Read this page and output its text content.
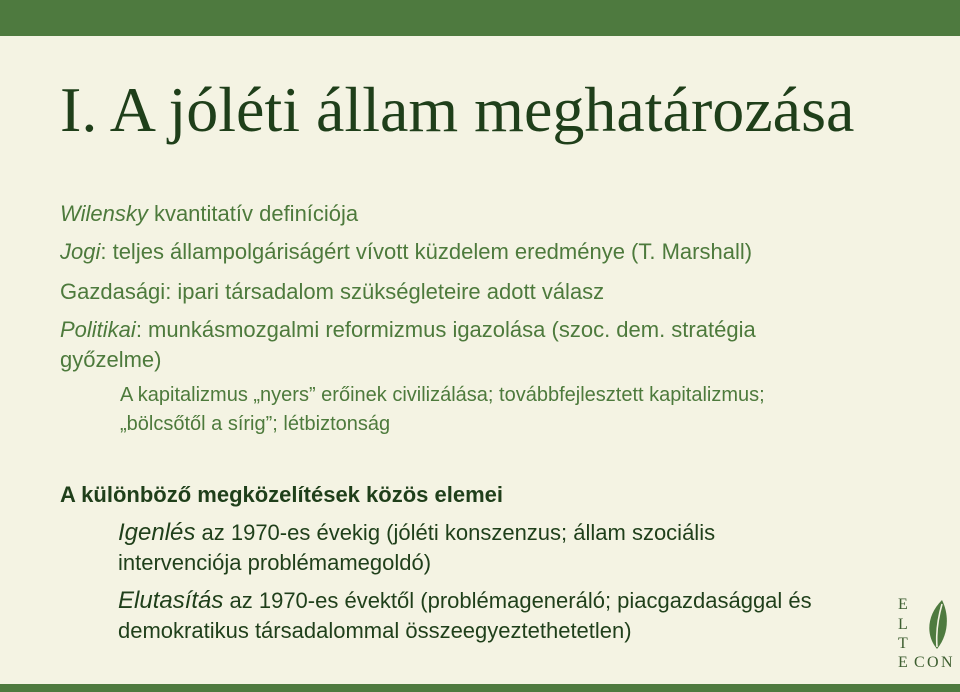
I. A jóléti állam meghatározása
Wilensky kvantitatív definíciója
Jogi: teljes állampolgáriságért vívott küzdelem eredménye (T. Marshall)
Gazdasági: ipari társadalom szükségleteire adott válasz
Politikai: munkásmozgalmi reformizmus igazolása (szoc. dem. stratégia
győzelme)
A kapitalizmus „nyers” erőinek civilizálása; továbbfejlesztett kapitalizmus;
„bölcsőtől a sírig”; létbiztonság
A különböző megközelítések közös elemei
Igenlés az 1970-es évekig (jóléti konszenzus; állam szociális
intervenciója problémamegoldó)
Elutasítás az 1970-es évektől (problémageneráló; piacgazdasággal és
demokratikus társadalommal összeegyeztethetetlen)
E
L
T
E C O N
